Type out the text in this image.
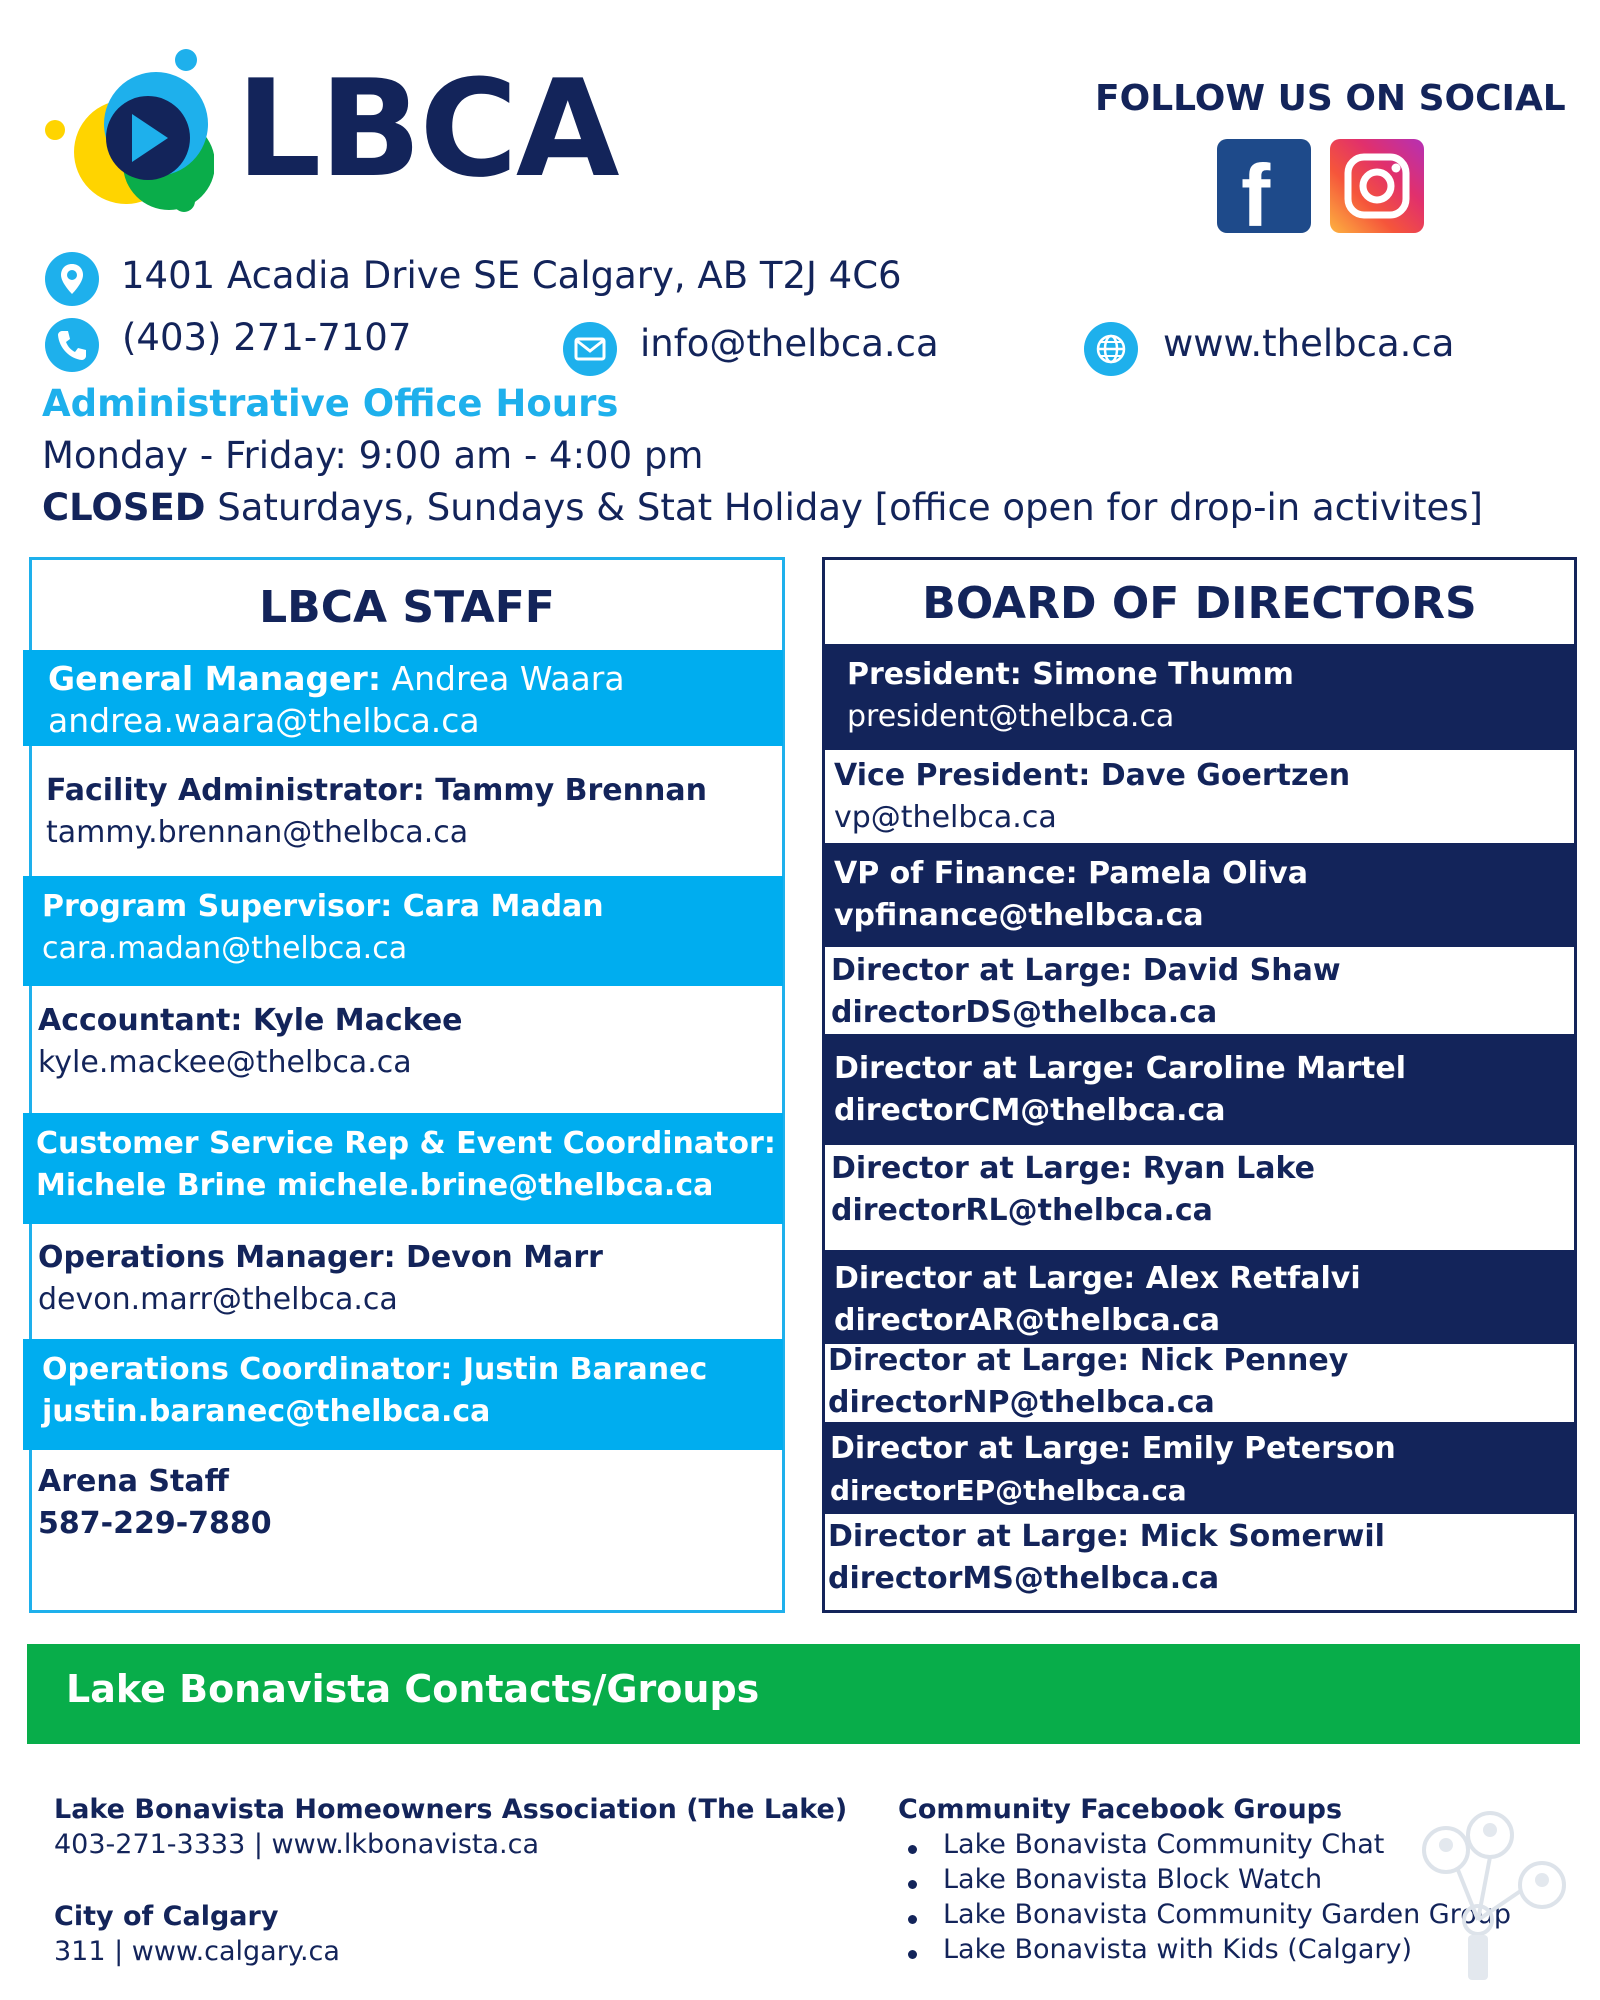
LBCA	FOLLOW US ON SOCIAL
f
1401 Acadia Drive SE Calgary, AB T2J 4C6
(403) 271-7107	info@thelbca.ca	www.thelbca.ca
Administrative Office Hours
Monday - Friday: 9:00 am - 4:00 pm
CLOSED Saturdays, Sundays & Stat Holiday [office open for drop-in activites]
LBCA STAFF
General Manager: Andrea Waara
andrea.waara@thelbca.ca
Facility Administrator: Tammy Brennan
tammy.brennan@thelbca.ca
Program Supervisor: Cara Madan
cara.madan@thelbca.ca
Accountant: Kyle Mackee
kyle.mackee@thelbca.ca
Customer Service Rep & Event Coordinator:
Michele Brine michele.brine@thelbca.ca
Operations Manager: Devon Marr
devon.marr@thelbca.ca
Operations Coordinator: Justin Baranec
justin.baranec@thelbca.ca
Arena Staff
587-229-7880
BOARD OF DIRECTORS
President: Simone Thumm
president@thelbca.ca
Vice President: Dave Goertzen
vp@thelbca.ca
VP of Finance: Pamela Oliva
vpfinance@thelbca.ca
Director at Large: David Shaw
directorDS@thelbca.ca
Director at Large: Caroline Martel
directorCM@thelbca.ca
Director at Large: Ryan Lake
directorRL@thelbca.ca
Director at Large: Alex Retfalvi
directorAR@thelbca.ca
Director at Large: Nick Penney
directorNP@thelbca.ca
Director at Large: Emily Peterson
directorEP@thelbca.ca
Director at Large: Mick Somerwil
directorMS@thelbca.ca
Lake Bonavista Contacts/Groups
Lake Bonavista Homeowners Association (The Lake)
403-271-3333 | www.lkbonavista.ca
City of Calgary
311 | www.calgary.ca
Community Facebook Groups
Lake Bonavista Community Chat
Lake Bonavista Block Watch
Lake Bonavista Community Garden Group
Lake Bonavista with Kids (Calgary)
